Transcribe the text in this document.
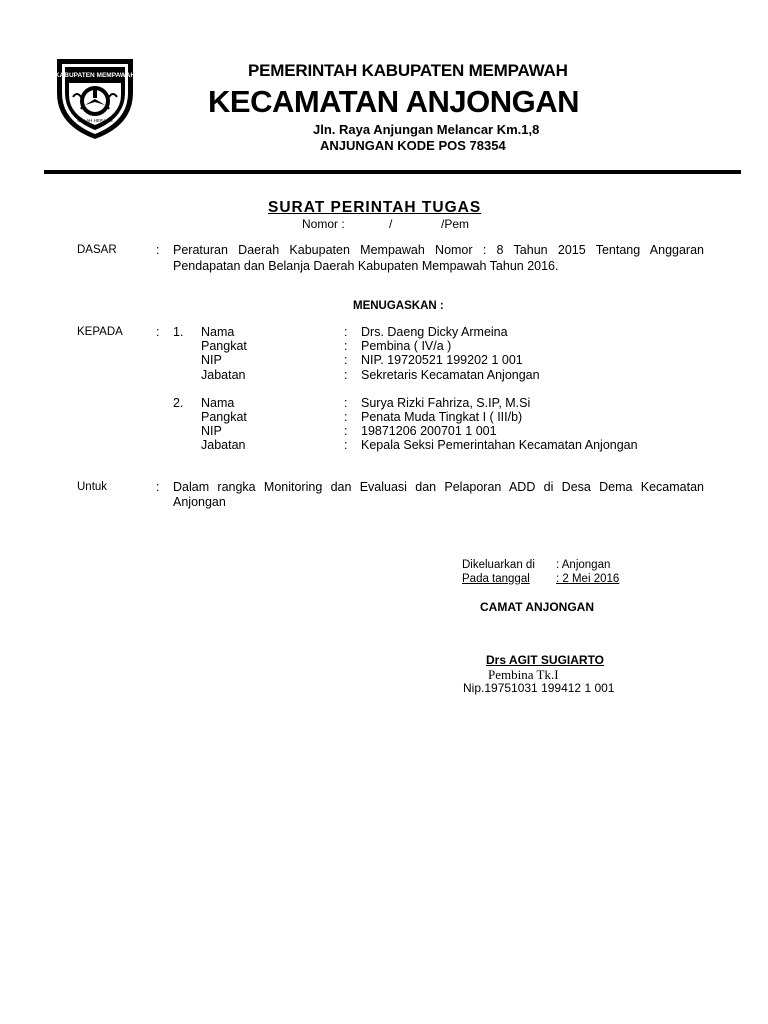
KABUPATEN MEMPAWAH
GALAH HERANG
PEMERINTAH KABUPATEN MEMPAWAH
KECAMATAN ANJONGAN
Jln. Raya Anjungan Melancar Km.1,8
ANJUNGAN KODE POS 78354
SURAT PERINTAH TUGAS
Nomor :	/	/Pem
DASAR	: Peraturan Daerah Kabupaten Mempawah Nomor : 8 Tahun 2015 Tentang Anggaran
Pendapatan dan Belanja Daerah Kabupaten Mempawah Tahun 2016.
MENUGASKAN :
KEPADA	: 1. Nama	: Drs. Daeng Dicky Armeina
Pangkat	: Pembina ( IV/a )
NIP	: NIP. 19720521 199202 1 001
Jabatan	: Sekretaris Kecamatan Anjongan
2. Nama	: Surya Rizki Fahriza, S.IP, M.Si
Pangkat	: Penata Muda Tingkat I ( III/b)
NIP	: 19871206 200701 1 001
Jabatan	: Kepala Seksi Pemerintahan Kecamatan Anjongan
Untuk	: Dalam rangka Monitoring dan Evaluasi dan Pelaporan ADD di Desa Dema Kecamatan
Anjongan
Dikeluarkan di : Anjongan
Pada tanggal	: 2 Mei 2016
CAMAT ANJONGAN
Drs AGIT SUGIARTO
Pembina Tk.I
Nip.19751031 199412 1 001
